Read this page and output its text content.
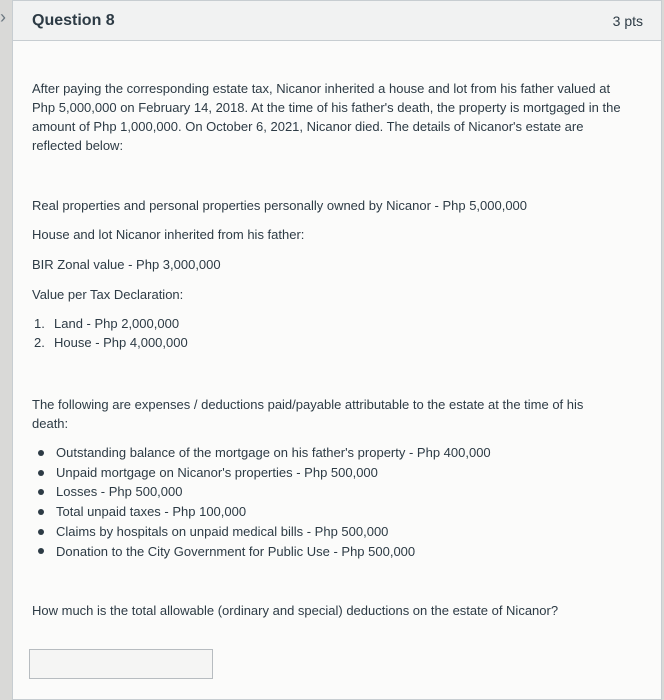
›	Question 8	3 pts
After paying the corresponding estate tax, Nicanor inherited a house and lot from his father valued at Php 5,000,000 on February 14, 2018. At the time of his father's death, the property is mortgaged in the amount of Php 1,000,000. On October 6, 2021, Nicanor died. The details of Nicanor's estate are reflected below:
Real properties and personal properties personally owned by Nicanor - Php 5,000,000
House and lot Nicanor inherited from his father:
BIR Zonal value - Php 3,000,000
Value per Tax Declaration:
1. Land - Php 2,000,000
2. House - Php 4,000,000
The following are expenses / deductions paid/payable attributable to the estate at the time of his death:
Outstanding balance of the mortgage on his father's property - Php 400,000
Unpaid mortgage on Nicanor's properties - Php 500,000
Losses - Php 500,000
Total unpaid taxes - Php 100,000
Claims by hospitals on unpaid medical bills - Php 500,000
Donation to the City Government for Public Use - Php 500,000
How much is the total allowable (ordinary and special) deductions on the estate of Nicanor?
